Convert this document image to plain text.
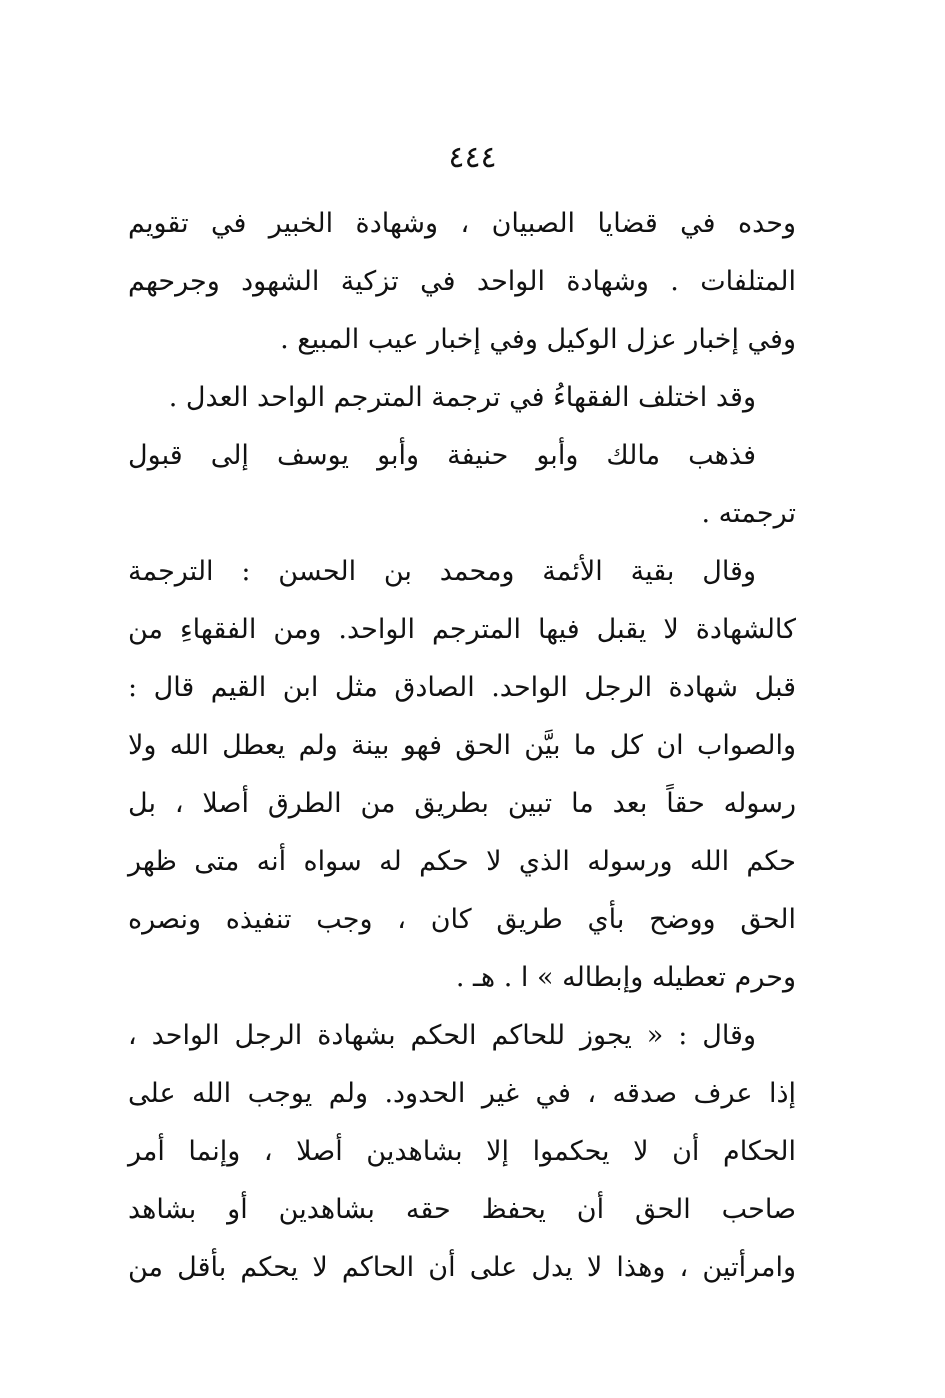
٤٤٤
وحده في قضايا الصبيان ، وشهادة الخبير في تقويم
المتلفات . وشهادة الواحد في تزكية الشهود وجرحهم
وفي إخبار عزل الوكيل وفي إخبار عيب المبيع .
وقد اختلف الفقهاءُ في ترجمة المترجم الواحد العدل .
فذهب مالك وأبو حنيفة وأبو يوسف إلى قبول
ترجمته .
وقال بقية الأئمة ومحمد بن الحسن : الترجمة
كالشهادة لا يقبل فيها المترجم الواحد. ومن الفقهاءِ من
قبل شهادة الرجل الواحد. الصادق مثل ابن القيم قال :
والصواب ان كل ما بيَّن الحق فهو بينة ولم يعطل الله ولا
رسوله حقاً بعد ما تبين بطريق من الطرق أصلا ، بل
حكم الله ورسوله الذي لا حكم له سواه أنه متى ظهر
الحق ووضح بأي طريق كان ، وجب تنفيذه ونصره
وحرم تعطيله وإبطاله » ا . هـ .
وقال : « يجوز للحاكم الحكم بشهادة الرجل الواحد ،
إذا عرف صدقه ، في غير الحدود. ولم يوجب الله على
الحكام أن لا يحكموا إلا بشاهدين أصلا ، وإنما أمر
صاحب الحق أن يحفظ حقه بشاهدين أو بشاهد
وامرأتين ، وهذا لا يدل على أن الحاكم لا يحكم بأقل من
